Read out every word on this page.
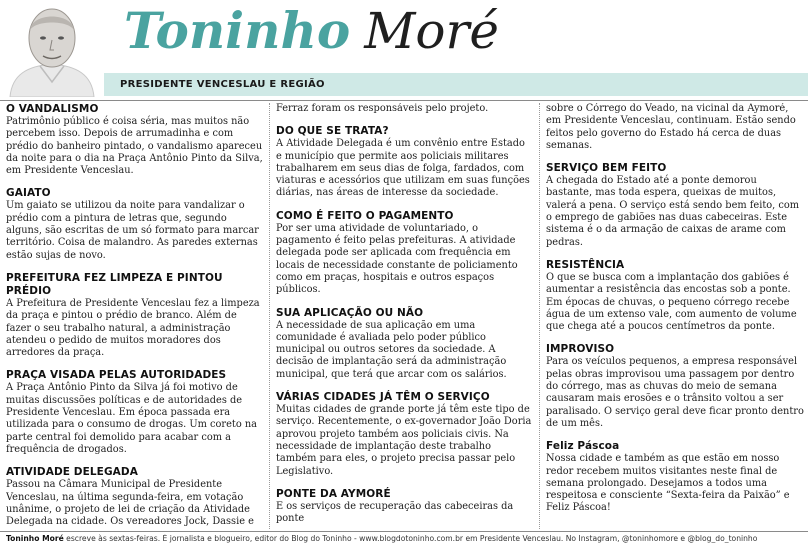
Toninho Moré
PRESIDENTE VENCESLAU E REGIÃO
O VANDALISMO

Patrimônio público é coisa séria, mas muitos não percebem isso. Depois de arrumadinha e com prédio do banheiro pintado, o vandalismo apareceu da noite para o dia na Praça Antônio Pinto da Silva, em Presidente Venceslau.

GAIATO

Um gaiato se utilizou da noite para vandalizar o prédio com a pintura de letras que, segundo alguns, são escritas de um só formato para marcar território. Coisa de malandro. As paredes externas estão sujas de novo.

PREFEITURA FEZ LIMPEZA E PINTOU PRÉDIO

A Prefeitura de Presidente Venceslau fez a limpeza da praça e pintou o prédio de branco. Além de fazer o seu trabalho natural, a administração atendeu o pedido de muitos moradores dos arredores da praça.

PRAÇA VISADA PELAS AUTORIDADES

A Praça Antônio Pinto da Silva já foi motivo de muitas discussões políticas e de autoridades de Presidente Venceslau. Em época passada era utilizada para o consumo de drogas. Um coreto na parte central foi demolido para acabar com a frequência de drogados.

ATIVIDADE DELEGADA

Passou na Câmara Municipal de Presidente Venceslau, na última segunda-feira, em votação unânime, o projeto de lei de criação da Atividade Delegada na cidade. Os vereadores Jock, Dassie e

Ferraz foram os responsáveis pelo projeto.

DO QUE SE TRATA?

A Atividade Delegada é um convênio entre Estado e município que permite aos policiais militares trabalharem em seus dias de folga, fardados, com viaturas e acessórios que utilizam em suas funções diárias, nas áreas de interesse da sociedade.

COMO É FEITO O PAGAMENTO

Por ser uma atividade de voluntariado, o pagamento é feito pelas prefeituras. A atividade delegada pode ser aplicada com frequência em locais de necessidade constante de policiamento como em praças, hospitais e outros espaços públicos.

SUA APLICAÇÃO OU NÃO

A necessidade de sua aplicação em uma comunidade é avaliada pelo poder público municipal ou outros setores da sociedade. A decisão de implantação será da administração municipal, que terá que arcar com os salários.

VÁRIAS CIDADES JÁ TÊM O SERVIÇO

Muitas cidades de grande porte já têm este tipo de serviço. Recentemente, o ex-governador João Doria aprovou projeto também aos policiais civis. Na necessidade de implantação deste trabalho também para eles, o projeto precisa passar pelo Legislativo.

PONTE DA AYMORÉ

E os serviços de recuperação das cabeceiras da ponte

sobre o Córrego do Veado, na vicinal da Aymoré, em Presidente Venceslau, continuam. Estão sendo feitos pelo governo do Estado há cerca de duas semanas.

SERVIÇO BEM FEITO

A chegada do Estado até a ponte demorou bastante, mas toda espera, queixas de muitos, valerá a pena. O serviço está sendo bem feito, com o emprego de gabiões nas duas cabeceiras. Este sistema é o da armação de caixas de arame com pedras.

RESISTÊNCIA

O que se busca com a implantação dos gabiões é aumentar a resistência das encostas sob a ponte. Em épocas de chuvas, o pequeno córrego recebe água de um extenso vale, com aumento de volume que chega até a poucos centímetros da ponte.

IMPROVISO

Para os veículos pequenos, a empresa responsável pelas obras improvisou uma passagem por dentro do córrego, mas as chuvas do meio de semana causaram mais erosões e o trânsito voltou a ser paralisado. O serviço geral deve ficar pronto dentro de um mês.

Feliz Páscoa

Nossa cidade e também as que estão em nosso redor recebem muitos visitantes neste final de semana prolongado. Desejamos a todos uma respeitosa e consciente “Sexta-feira da Paixão” e Feliz Páscoa!

Toninho Moré escreve às sextas-feiras. É jornalista e blogueiro, editor do Blog do Toninho - www.blogdotoninho.com.br em Presidente Venceslau. No Instagram, @toninhomore e @blog_do_toninho
